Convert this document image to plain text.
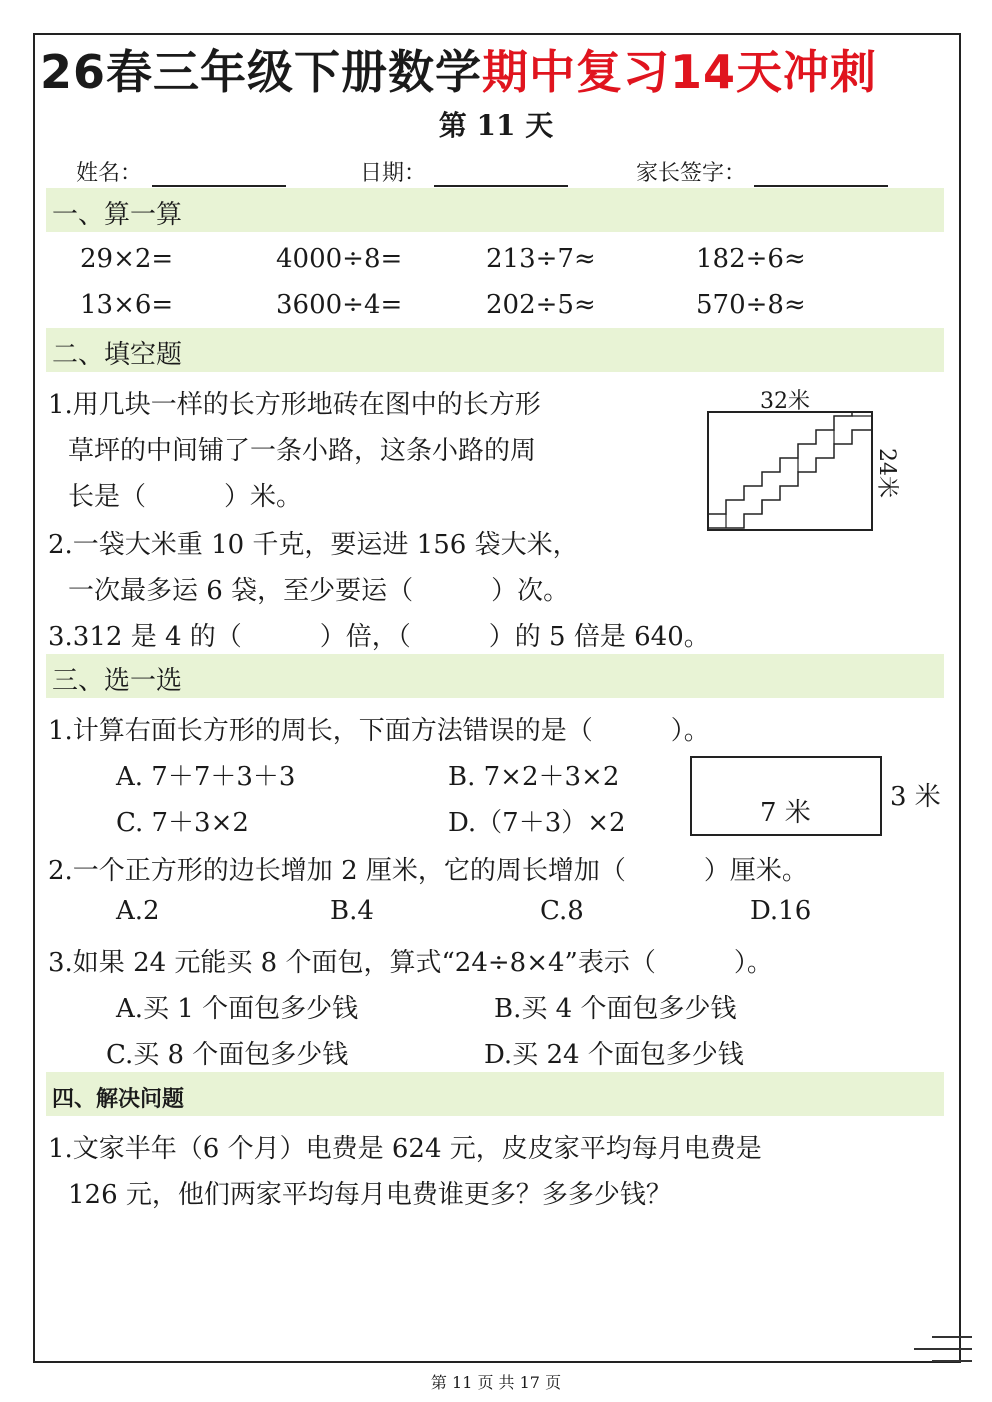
26春三年级下册数学期中复习14天冲刺
第 11 天
姓名：	日期：	家长签字：
一、算一算
29×2=	4000÷8=	213÷7≈	182÷6≈
13×6=	3600÷4=	202÷5≈	570÷8≈
二、填空题
1.用几块一样的长方形地砖在图中的长方形
草坪的中间铺了一条小路，这条小路的周
长是（　　　）米。
32米
24米
2.一袋大米重 10 千克，要运进 156 袋大米，
一次最多运 6 袋，至少要运（　　　）次。
3.312 是 4 的（　　　）倍，（　　　）的 5 倍是 640。
三、选一选
1.计算右面长方形的周长，下面方法错误的是（　　　）。
A. 7＋7＋3＋3	B. 7×2＋3×2
C. 7＋3×2	D.（7＋3）×2	7 米
3 米
2.一个正方形的边长增加 2 厘米，它的周长增加（　　　）厘米。
A.2	B.4	C.8	D.16
3.如果 24 元能买 8 个面包，算式“24÷8×4”表示（　　　）。
A.买 1 个面包多少钱	B.买 4 个面包多少钱
C.买 8 个面包多少钱	D.买 24 个面包多少钱
四、解决问题
1.文家半年（6 个月）电费是 624 元，皮皮家平均每月电费是
126 元，他们两家平均每月电费谁更多？多多少钱？
第 11 页 共 17 页
